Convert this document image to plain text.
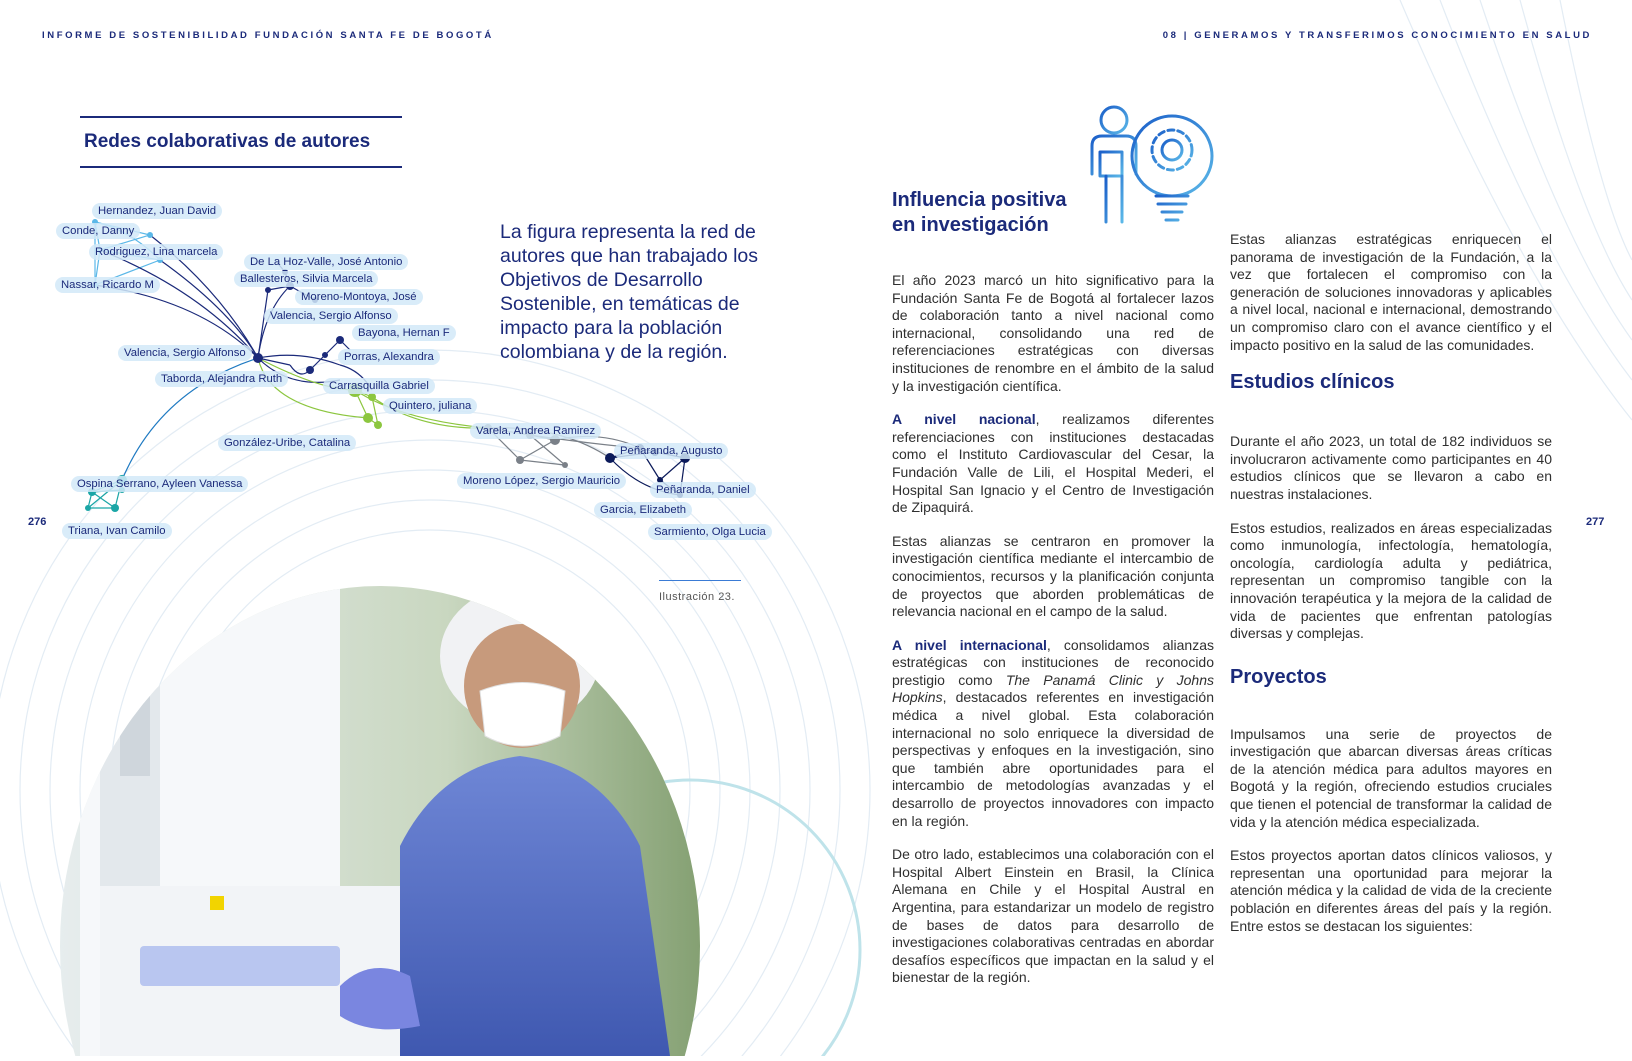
INFORME DE SOSTENIBILIDAD FUNDACIÓN SANTA FE DE BOGOTÁ	08 | GENERAMOS Y TRANSFERIMOS CONOCIMIENTO EN SALUD
276	277
Redes colaborativas de autores
Hernandez, Juan David
Conde, Danny
Rodriguez, Lina marcela
Nassar, Ricardo M
De La Hoz-Valle, José Antonio
Ballesteros, Silvia Marcela
Moreno-Montoya, José
Valencia, Sergio Alfonso
Bayona, Hernan F
Porras, Alexandra
Valencia, Sergio Alfonso
Taborda, Alejandra Ruth
Carrasquilla Gabriel
Quintero, juliana
González-Uribe, Catalina
Varela, Andrea Ramirez
Peñaranda, Augusto
Moreno López, Sergio Mauricio
Peñaranda, Daniel
Garcia, Elizabeth
Sarmiento, Olga Lucia
Ospina Serrano, Ayleen Vanessa
Triana, Ivan Camilo

La figura representa la red de autores que han trabajado los Objetivos de Desarrollo Sostenible, en temáticas de impacto para la población colombiana y de la región.

Ilustración 23.
Influencia positiva en investigación

El año 2023 marcó un hito significativo para la Fundación Santa Fe de Bogotá al fortalecer lazos de colaboración tanto a nivel nacional como internacional, consolidando una red de referenciaciones estratégicas con diversas instituciones de renombre en el ámbito de la salud y la investigación científica.

A nivel nacional, realizamos diferentes referenciaciones con instituciones destacadas como el Instituto Cardiovascular del Cesar, la Fundación Valle de Lili, el Hospital Mederi, el Hospital San Ignacio y el Centro de Investigación de Zipaquirá.

Estas alianzas se centraron en promover la investigación científica mediante el intercambio de conocimientos, recursos y la planificación conjunta de proyectos que aborden problemáticas de relevancia nacional en el campo de la salud.

A nivel internacional, consolidamos alianzas estratégicas con instituciones de reconocido prestigio como The Panamá Clinic y Johns Hopkins, destacados referentes en investigación médica a nivel global. Esta colaboración internacional no solo enriquece la diversidad de perspectivas y enfoques en la investigación, sino que también abre oportunidades para el intercambio de metodologías avanzadas y el desarrollo de proyectos innovadores con impacto en la región.

De otro lado, establecimos una colaboración con el Hospital Albert Einstein en Brasil, la Clínica Alemana en Chile y el Hospital Austral en Argentina, para estandarizar un modelo de registro de bases de datos para desarrollo de investigaciones colaborativas centradas en abordar desafíos específicos que impactan en la salud y el bienestar de la región.

Estas alianzas estratégicas enriquecen el panorama de investigación de la Fundación, a la vez que fortalecen el compromiso con la generación de soluciones innovadoras y aplicables a nivel local, nacional e internacional, demostrando un compromiso claro con el avance científico y el impacto positivo en la salud de las comunidades.

Estudios clínicos

Durante el año 2023, un total de 182 individuos se involucraron activamente como participantes en 40 estudios clínicos que se llevaron a cabo en nuestras instalaciones.

Estos estudios, realizados en áreas especializadas como inmunología, infectología, hematología, oncología, cardiología adulta y pediátrica, representan un compromiso tangible con la innovación terapéutica y la mejora de la calidad de vida de pacientes que enfrentan patologías diversas y complejas.

Proyectos

Impulsamos una serie de proyectos de investigación que abarcan diversas áreas críticas de la atención médica para adultos mayores en Bogotá y la región, ofreciendo estudios cruciales que tienen el potencial de transformar la calidad de vida y la atención médica especializada.

Estos proyectos aportan datos clínicos valiosos, y representan una oportunidad para mejorar la atención médica y la calidad de vida de la creciente población en diferentes áreas del país y la región. Entre estos se destacan los siguientes:
